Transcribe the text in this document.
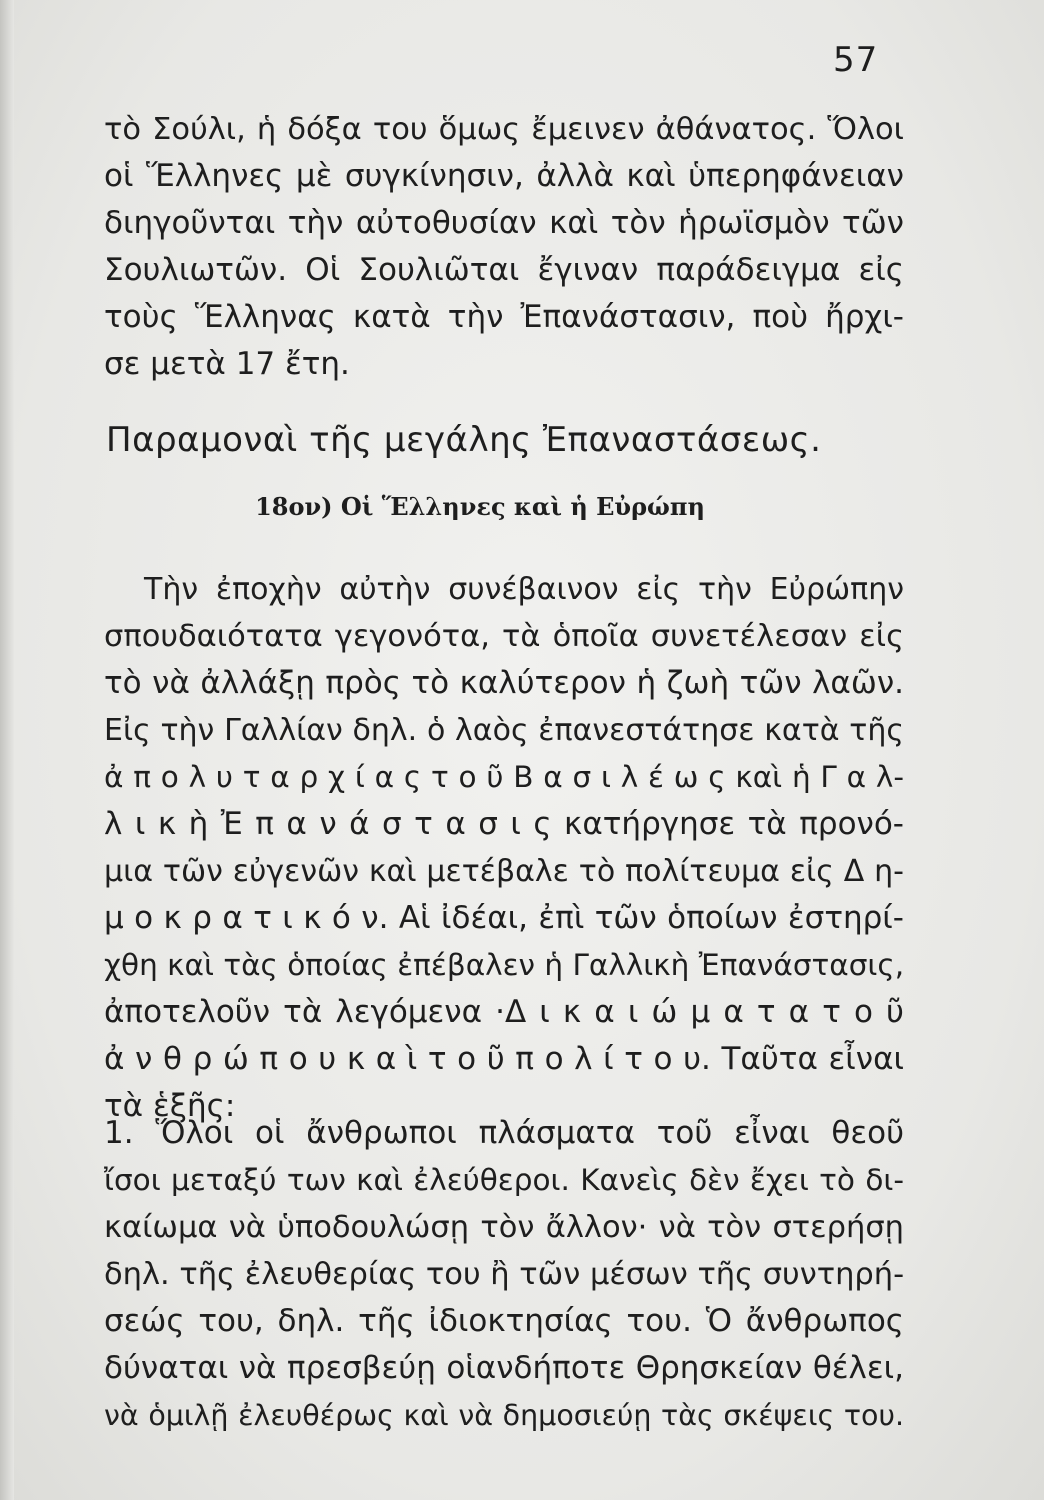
57
τὸ Σούλι, ἡ δόξα του ὅμως ἔμεινεν ἀθάνατος. Ὅλοι
οἱ Ἕλληνες μὲ συγκίνησιν, ἀλλὰ καὶ ὑπερηφάνειαν
διηγοῦνται τὴν αὐτοθυσίαν καὶ τὸν ἡρωϊσμὸν τῶν
Σουλιωτῶν. Οἱ Σουλιῶται ἔγιναν παράδειγμα εἰς
τοὺς Ἕλληνας κατὰ τὴν Ἐπανάστασιν, ποὺ ἤρχι-
σε μετὰ 17 ἔτη.
Παραμοναὶ τῆς μεγάλης Ἐπαναστάσεως.
18ον) Οἱ Ἕλληνες καὶ ἡ Εὐρώπη
Τὴν ἐποχὴν αὐτὴν συνέβαινον εἰς τὴν Εὐρώπην
σπουδαιότατα γεγονότα, τὰ ὁποῖα συνετέλεσαν εἰς
τὸ νὰ ἀλλάξῃ πρὸς τὸ καλύτερον ἡ ζωὴ τῶν λαῶν.
Εἰς τὴν Γαλλίαν δηλ. ὁ λαὸς ἐπανεστάτησε κατὰ τῆς
ἀ π ο λ υ τ α ρ χ ί α ς τ ο ῦ Β α σ ι λ έ ω ς καὶ ἡ Γ α λ-
λ ι κ ὴ Ἐ π α ν ά σ τ α σ ι ς κατήργησε τὰ προνό-
μια τῶν εὐγενῶν καὶ μετέβαλε τὸ πολίτευμα εἰς Δ η-
μ ο κ ρ α τ ι κ ό ν. Αἱ ἰδέαι, ἐπὶ τῶν ὁποίων ἐστηρί-
χθη καὶ τὰς ὁποίας ἐπέβαλεν ἡ Γαλλικὴ Ἐπανάστασις,
ἀποτελοῦν τὰ λεγόμενα ·Δ ι κ α ι ώ μ α τ α τ ο ῦ
ἀ ν θ ρ ώ π ο υ κ α ὶ τ ο ῦ π ο λ ί τ ο υ. Ταῦτα εἶναι
τὰ ἑξῆς:
1. Ὅλοι οἱ ἄνθρωποι πλάσματα τοῦ εἶναι θεοῦ
ἴσοι μεταξύ των καὶ ἐλεύθεροι. Κανεὶς δὲν ἔχει τὸ δι-
καίωμα νὰ ὑποδουλώσῃ τὸν ἄλλον· νὰ τὸν στερήσῃ
δηλ. τῆς ἐλευθερίας του ἢ τῶν μέσων τῆς συντηρή-
σεώς του, δηλ. τῆς ἰδιοκτησίας του. Ὁ ἄνθρωπος
δύναται νὰ πρεσβεύῃ οἱανδήποτε Θρησκείαν θέλει,
νὰ ὁμιλῇ ἐλευθέρως καὶ νὰ δημοσιεύῃ τὰς σκέψεις του.
